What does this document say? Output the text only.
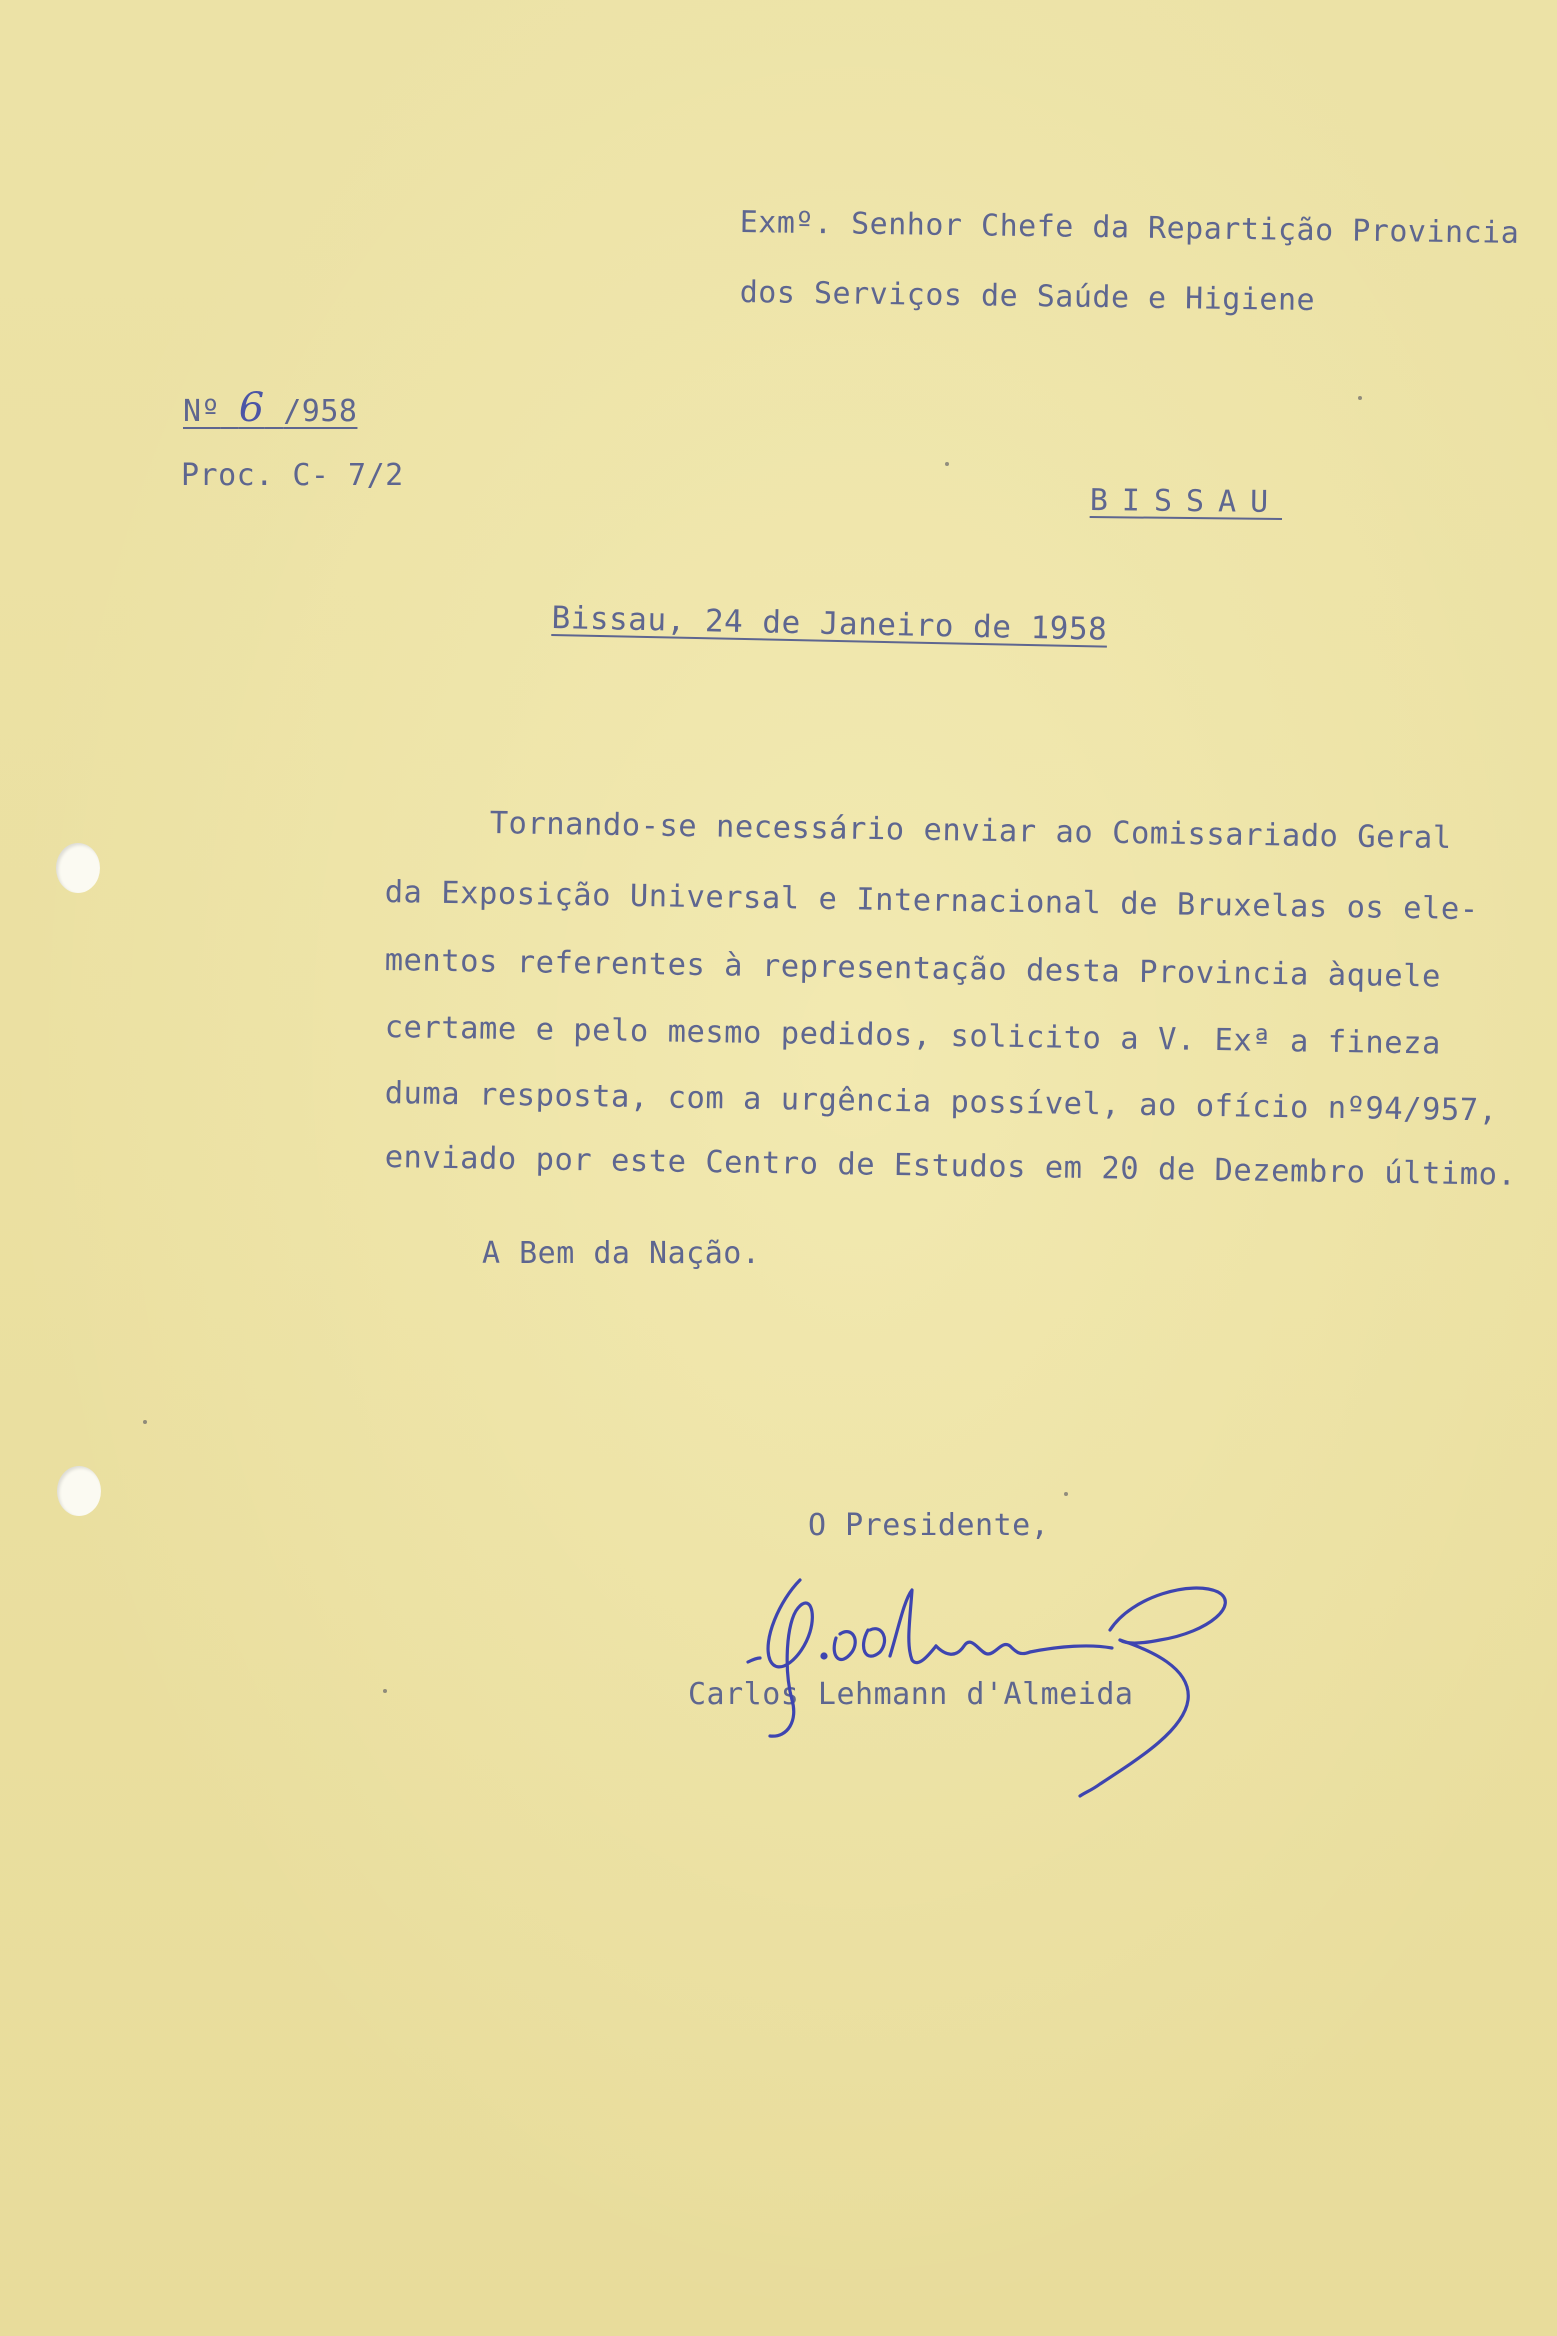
Exmº. Senhor Chefe da Repartição Provincia
dos Serviços de Saúde e Higiene
Nº 6 /958
Proc. C- 7/2
BISSAU
Bissau, 24 de Janeiro de 1958
Tornando-se necessário enviar ao Comissariado Geral
da Exposição Universal e Internacional de Bruxelas os ele-
mentos referentes à representação desta Provincia àquele
certame e pelo mesmo pedidos, solicito a V. Exª a fineza
duma resposta, com a urgência possível, ao ofício nº94/957,
enviado por este Centro de Estudos em 20 de Dezembro último.
A Bem da Nação.
O Presidente,
Carlos Lehmann d'Almeida
